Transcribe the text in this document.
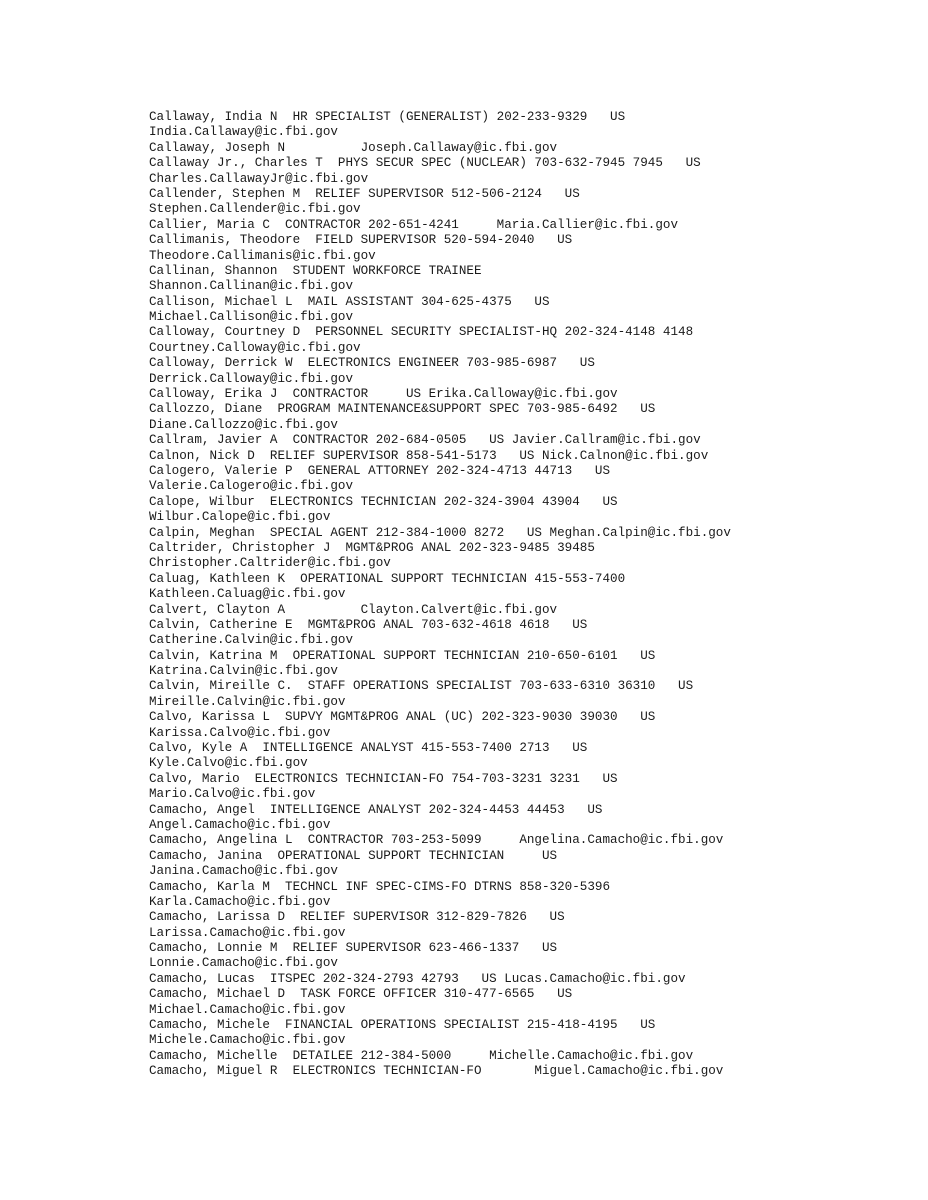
Callaway, India N  HR SPECIALIST (GENERALIST) 202-233-9329   US
India.Callaway@ic.fbi.gov
Callaway, Joseph N          Joseph.Callaway@ic.fbi.gov
Callaway Jr., Charles T  PHYS SECUR SPEC (NUCLEAR) 703-632-7945 7945   US
Charles.CallawayJr@ic.fbi.gov
Callender, Stephen M  RELIEF SUPERVISOR 512-506-2124   US
Stephen.Callender@ic.fbi.gov
Callier, Maria C  CONTRACTOR 202-651-4241     Maria.Callier@ic.fbi.gov
Callimanis, Theodore  FIELD SUPERVISOR 520-594-2040   US
Theodore.Callimanis@ic.fbi.gov
Callinan, Shannon  STUDENT WORKFORCE TRAINEE
Shannon.Callinan@ic.fbi.gov
Callison, Michael L  MAIL ASSISTANT 304-625-4375   US
Michael.Callison@ic.fbi.gov
Calloway, Courtney D  PERSONNEL SECURITY SPECIALIST-HQ 202-324-4148 4148
Courtney.Calloway@ic.fbi.gov
Calloway, Derrick W  ELECTRONICS ENGINEER 703-985-6987   US
Derrick.Calloway@ic.fbi.gov
Calloway, Erika J  CONTRACTOR     US Erika.Calloway@ic.fbi.gov
Callozzo, Diane  PROGRAM MAINTENANCE&SUPPORT SPEC 703-985-6492   US
Diane.Callozzo@ic.fbi.gov
Callram, Javier A  CONTRACTOR 202-684-0505   US Javier.Callram@ic.fbi.gov
Calnon, Nick D  RELIEF SUPERVISOR 858-541-5173   US Nick.Calnon@ic.fbi.gov
Calogero, Valerie P  GENERAL ATTORNEY 202-324-4713 44713   US
Valerie.Calogero@ic.fbi.gov
Calope, Wilbur  ELECTRONICS TECHNICIAN 202-324-3904 43904   US
Wilbur.Calope@ic.fbi.gov
Calpin, Meghan  SPECIAL AGENT 212-384-1000 8272   US Meghan.Calpin@ic.fbi.gov
Caltrider, Christopher J  MGMT&PROG ANAL 202-323-9485 39485
Christopher.Caltrider@ic.fbi.gov
Caluag, Kathleen K  OPERATIONAL SUPPORT TECHNICIAN 415-553-7400
Kathleen.Caluag@ic.fbi.gov
Calvert, Clayton A          Clayton.Calvert@ic.fbi.gov
Calvin, Catherine E  MGMT&PROG ANAL 703-632-4618 4618   US
Catherine.Calvin@ic.fbi.gov
Calvin, Katrina M  OPERATIONAL SUPPORT TECHNICIAN 210-650-6101   US
Katrina.Calvin@ic.fbi.gov
Calvin, Mireille C.  STAFF OPERATIONS SPECIALIST 703-633-6310 36310   US
Mireille.Calvin@ic.fbi.gov
Calvo, Karissa L  SUPVY MGMT&PROG ANAL (UC) 202-323-9030 39030   US
Karissa.Calvo@ic.fbi.gov
Calvo, Kyle A  INTELLIGENCE ANALYST 415-553-7400 2713   US
Kyle.Calvo@ic.fbi.gov
Calvo, Mario  ELECTRONICS TECHNICIAN-FO 754-703-3231 3231   US
Mario.Calvo@ic.fbi.gov
Camacho, Angel  INTELLIGENCE ANALYST 202-324-4453 44453   US
Angel.Camacho@ic.fbi.gov
Camacho, Angelina L  CONTRACTOR 703-253-5099     Angelina.Camacho@ic.fbi.gov
Camacho, Janina  OPERATIONAL SUPPORT TECHNICIAN     US
Janina.Camacho@ic.fbi.gov
Camacho, Karla M  TECHNCL INF SPEC-CIMS-FO DTRNS 858-320-5396
Karla.Camacho@ic.fbi.gov
Camacho, Larissa D  RELIEF SUPERVISOR 312-829-7826   US
Larissa.Camacho@ic.fbi.gov
Camacho, Lonnie M  RELIEF SUPERVISOR 623-466-1337   US
Lonnie.Camacho@ic.fbi.gov
Camacho, Lucas  ITSPEC 202-324-2793 42793   US Lucas.Camacho@ic.fbi.gov
Camacho, Michael D  TASK FORCE OFFICER 310-477-6565   US
Michael.Camacho@ic.fbi.gov
Camacho, Michele  FINANCIAL OPERATIONS SPECIALIST 215-418-4195   US
Michele.Camacho@ic.fbi.gov
Camacho, Michelle  DETAILEE 212-384-5000     Michelle.Camacho@ic.fbi.gov
Camacho, Miguel R  ELECTRONICS TECHNICIAN-FO       Miguel.Camacho@ic.fbi.gov
